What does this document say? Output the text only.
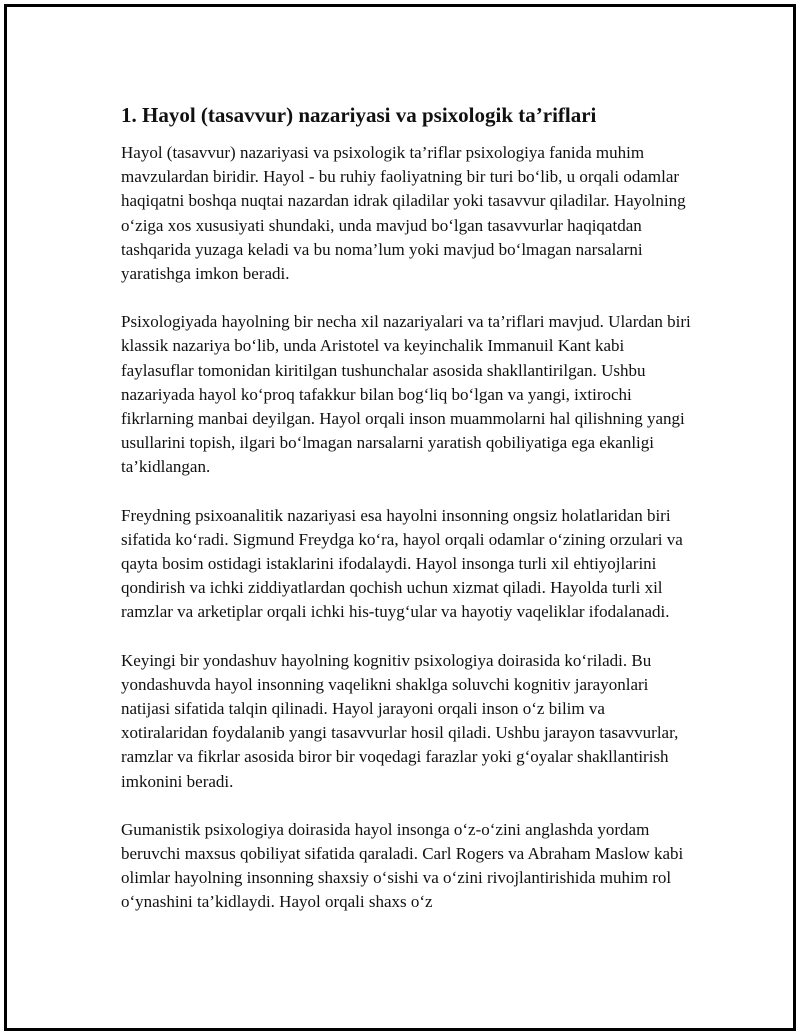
1. Hayol (tasavvur) nazariyasi va psixologik ta’riflari

Hayol (tasavvur) nazariyasi va psixologik ta’riflar psixologiya fanida muhim mavzulardan biridir. Hayol - bu ruhiy faoliyatning bir turi bo‘lib, u orqali odamlar haqiqatni boshqa nuqtai nazardan idrak qiladilar yoki tasavvur qiladilar. Hayolning o‘ziga xos xususiyati shundaki, unda mavjud bo‘lgan tasavvurlar haqiqatdan tashqarida yuzaga keladi va bu noma’lum yoki mavjud bo‘lmagan narsalarni yaratishga imkon beradi.

Psixologiyada hayolning bir necha xil nazariyalari va ta’riflari mavjud. Ulardan biri klassik nazariya bo‘lib, unda Aristotel va keyinchalik Immanuil Kant kabi faylasuflar tomonidan kiritilgan tushunchalar asosida shakllantirilgan. Ushbu nazariyada hayol ko‘proq tafakkur bilan bog‘liq bo‘lgan va yangi, ixtirochi fikrlarning manbai deyilgan. Hayol orqali inson muammolarni hal qilishning yangi usullarini topish, ilgari bo‘lmagan narsalarni yaratish qobiliyatiga ega ekanligi ta’kidlangan.

Freydning psixoanalitik nazariyasi esa hayolni insonning ongsiz holatlaridan biri sifatida ko‘radi. Sigmund Freydga ko‘ra, hayol orqali odamlar o‘zining orzulari va qayta bosim ostidagi istaklarini ifodalaydi. Hayol insonga turli xil ehtiyojlarini qondirish va ichki ziddiyatlardan qochish uchun xizmat qiladi. Hayolda turli xil ramzlar va arketiplar orqali ichki his-tuyg‘ular va hayotiy vaqeliklar ifodalanadi.

Keyingi bir yondashuv hayolning kognitiv psixologiya doirasida ko‘riladi. Bu yondashuvda hayol insonning vaqelikni shaklga soluvchi kognitiv jarayonlari natijasi sifatida talqin qilinadi. Hayol jarayoni orqali inson o‘z bilim va xotiralaridan foydalanib yangi tasavvurlar hosil qiladi. Ushbu jarayon tasavvurlar, ramzlar va fikrlar asosida biror bir voqedagi farazlar yoki g‘oyalar shakllantirish imkonini beradi.

Gumanistik psixologiya doirasida hayol insonga o‘z-o‘zini anglashda yordam beruvchi maxsus qobiliyat sifatida qaraladi. Carl Rogers va Abraham Maslow kabi olimlar hayolning insonning shaxsiy o‘sishi va o‘zini rivojlantirishida muhim rol o‘ynashini ta’kidlaydi. Hayol orqali shaxs o‘z
